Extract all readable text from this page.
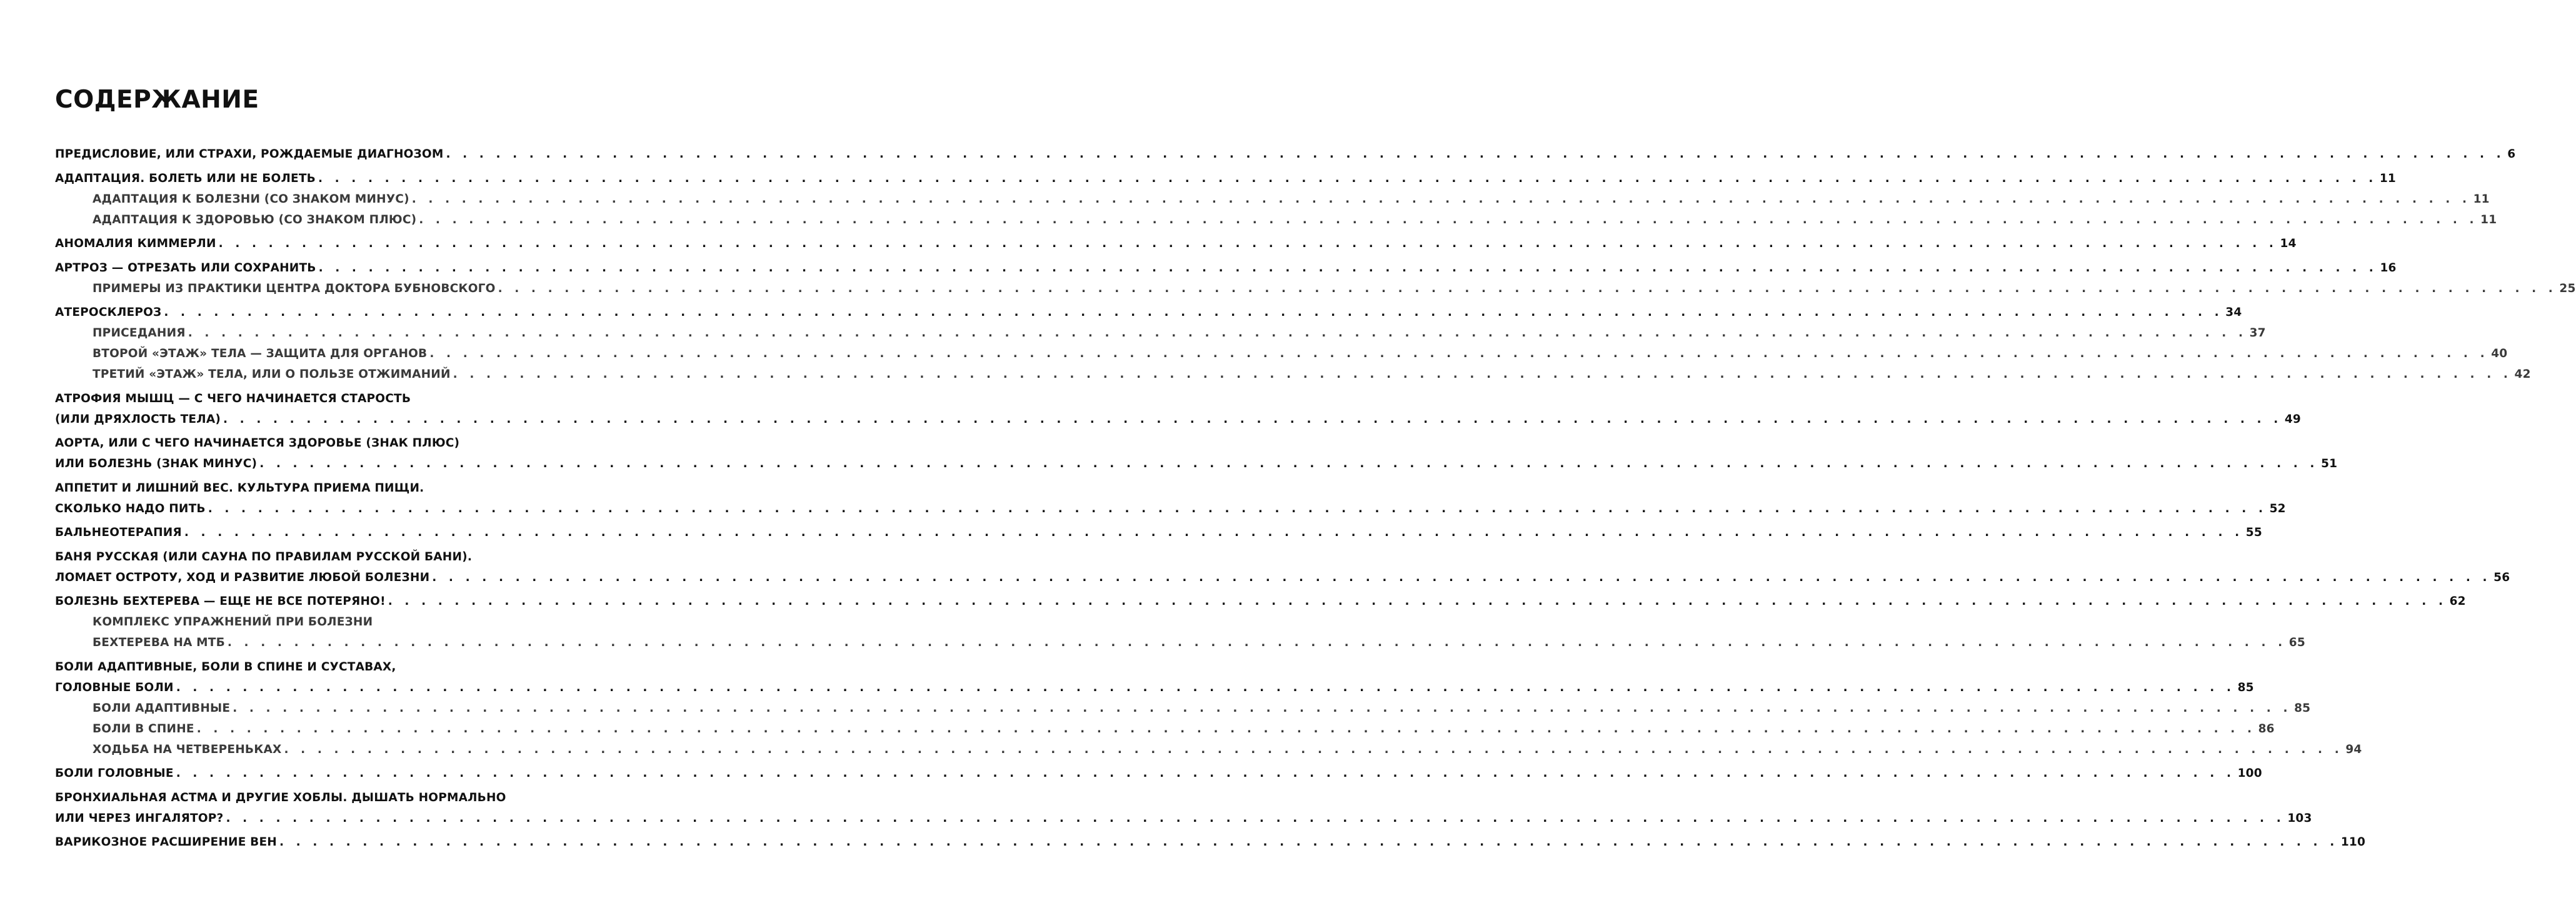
СОДЕРЖАНИЕ
ПРЕДИСЛОВИЕ, ИЛИ СТРАХИ, РОЖДАЕМЫЕ ДИАГНОЗОМ . . . . . . . . . . . . . . . . . . . . . . . . . . . . . . . . . . . . . . . . . . . . . . . . . . . . . . . . . . . . . . . . . . . . . . . . . . . . . . . . . . . . . . . . . . . . . . . . . . . . . . . . . . . . . . . . . . . . . . . . . . . . 6
АДАПТАЦИЯ. БОЛЕТЬ ИЛИ НЕ БОЛЕТЬ . . . . . . . . . . . . . . . . . . . . . . . . . . . . . . . . . . . . . . . . . . . . . . . . . . . . . . . . . . . . . . . . . . . . . . . . . . . . . . . . . . . . . . . . . . . . . . . . . . . . . . . . . . . . . . . . . . . . . . . . . . . . 11
АДАПТАЦИЯ К БОЛЕЗНИ (СО ЗНАКОМ МИНУС) . . . . . . . . . . . . . . . . . . . . . . . . . . . . . . . . . . . . . . . . . . . . . . . . . . . . . . . . . . . . . . . . . . . . . . . . . . . . . . . . . . . . . . . . . . . . . . . . . . . . . . . . . . . . . . . . . . . . . . . . . . . . 11
АДАПТАЦИЯ К ЗДОРОВЬЮ (СО ЗНАКОМ ПЛЮС) . . . . . . . . . . . . . . . . . . . . . . . . . . . . . . . . . . . . . . . . . . . . . . . . . . . . . . . . . . . . . . . . . . . . . . . . . . . . . . . . . . . . . . . . . . . . . . . . . . . . . . . . . . . . . . . . . . . . . . . . . . . . 11
АНОМАЛИЯ КИММЕРЛИ . . . . . . . . . . . . . . . . . . . . . . . . . . . . . . . . . . . . . . . . . . . . . . . . . . . . . . . . . . . . . . . . . . . . . . . . . . . . . . . . . . . . . . . . . . . . . . . . . . . . . . . . . . . . . . . . . . . . . . . . . . . . 14
АРТРОЗ — ОТРЕЗАТЬ ИЛИ СОХРАНИТЬ . . . . . . . . . . . . . . . . . . . . . . . . . . . . . . . . . . . . . . . . . . . . . . . . . . . . . . . . . . . . . . . . . . . . . . . . . . . . . . . . . . . . . . . . . . . . . . . . . . . . . . . . . . . . . . . . . . . . . . . . . . . . 16
ПРИМЕРЫ ИЗ ПРАКТИКИ ЦЕНТРА ДОКТОРА БУБНОВСКОГО . . . . . . . . . . . . . . . . . . . . . . . . . . . . . . . . . . . . . . . . . . . . . . . . . . . . . . . . . . . . . . . . . . . . . . . . . . . . . . . . . . . . . . . . . . . . . . . . . . . . . . . . . . . . . . . . . . . . . . . . . . . . 25
АТЕРОСКЛЕРОЗ . . . . . . . . . . . . . . . . . . . . . . . . . . . . . . . . . . . . . . . . . . . . . . . . . . . . . . . . . . . . . . . . . . . . . . . . . . . . . . . . . . . . . . . . . . . . . . . . . . . . . . . . . . . . . . . . . . . . . . . . . . . . 34
ПРИСЕДАНИЯ . . . . . . . . . . . . . . . . . . . . . . . . . . . . . . . . . . . . . . . . . . . . . . . . . . . . . . . . . . . . . . . . . . . . . . . . . . . . . . . . . . . . . . . . . . . . . . . . . . . . . . . . . . . . . . . . . . . . . . . . . . . . 37
ВТОРОЙ «ЭТАЖ» ТЕЛА — ЗАЩИТА ДЛЯ ОРГАНОВ . . . . . . . . . . . . . . . . . . . . . . . . . . . . . . . . . . . . . . . . . . . . . . . . . . . . . . . . . . . . . . . . . . . . . . . . . . . . . . . . . . . . . . . . . . . . . . . . . . . . . . . . . . . . . . . . . . . . . . . . . . . . 40
ТРЕТИЙ «ЭТАЖ» ТЕЛА, ИЛИ О ПОЛЬЗЕ ОТЖИМАНИЙ . . . . . . . . . . . . . . . . . . . . . . . . . . . . . . . . . . . . . . . . . . . . . . . . . . . . . . . . . . . . . . . . . . . . . . . . . . . . . . . . . . . . . . . . . . . . . . . . . . . . . . . . . . . . . . . . . . . . . . . . . . . . 42
АТРОФИЯ МЫШЦ — С ЧЕГО НАЧИНАЕТСЯ СТАРОСТЬ
(ИЛИ ДРЯХЛОСТЬ ТЕЛА) . . . . . . . . . . . . . . . . . . . . . . . . . . . . . . . . . . . . . . . . . . . . . . . . . . . . . . . . . . . . . . . . . . . . . . . . . . . . . . . . . . . . . . . . . . . . . . . . . . . . . . . . . . . . . . . . . . . . . . . . . . . . 49
АОРТА, ИЛИ С ЧЕГО НАЧИНАЕТСЯ ЗДОРОВЬЕ (ЗНАК ПЛЮС)
ИЛИ БОЛЕЗНЬ (ЗНАК МИНУС) . . . . . . . . . . . . . . . . . . . . . . . . . . . . . . . . . . . . . . . . . . . . . . . . . . . . . . . . . . . . . . . . . . . . . . . . . . . . . . . . . . . . . . . . . . . . . . . . . . . . . . . . . . . . . . . . . . . . . . . . . . . . 51
АППЕТИТ И ЛИШНИЙ ВЕС. КУЛЬТУРА ПРИЕМА ПИЩИ.
СКОЛЬКО НАДО ПИТЬ . . . . . . . . . . . . . . . . . . . . . . . . . . . . . . . . . . . . . . . . . . . . . . . . . . . . . . . . . . . . . . . . . . . . . . . . . . . . . . . . . . . . . . . . . . . . . . . . . . . . . . . . . . . . . . . . . . . . . . . . . . . . 52
БАЛЬНЕОТЕРАПИЯ . . . . . . . . . . . . . . . . . . . . . . . . . . . . . . . . . . . . . . . . . . . . . . . . . . . . . . . . . . . . . . . . . . . . . . . . . . . . . . . . . . . . . . . . . . . . . . . . . . . . . . . . . . . . . . . . . . . . . . . . . . . . 55
БАНЯ РУССКАЯ (ИЛИ САУНА ПО ПРАВИЛАМ РУССКОЙ БАНИ).
ЛОМАЕТ ОСТРОТУ, ХОД И РАЗВИТИЕ ЛЮБОЙ БОЛЕЗНИ . . . . . . . . . . . . . . . . . . . . . . . . . . . . . . . . . . . . . . . . . . . . . . . . . . . . . . . . . . . . . . . . . . . . . . . . . . . . . . . . . . . . . . . . . . . . . . . . . . . . . . . . . . . . . . . . . . . . . . . . . . . . 56
БОЛЕЗНЬ БЕХТЕРЕВА — ЕЩЕ НЕ ВСЕ ПОТЕРЯНО! . . . . . . . . . . . . . . . . . . . . . . . . . . . . . . . . . . . . . . . . . . . . . . . . . . . . . . . . . . . . . . . . . . . . . . . . . . . . . . . . . . . . . . . . . . . . . . . . . . . . . . . . . . . . . . . . . . . . . . . . . . . . 62
КОМПЛЕКС УПРАЖНЕНИЙ ПРИ БОЛЕЗНИ
БЕХТЕРЕВА НА МТБ . . . . . . . . . . . . . . . . . . . . . . . . . . . . . . . . . . . . . . . . . . . . . . . . . . . . . . . . . . . . . . . . . . . . . . . . . . . . . . . . . . . . . . . . . . . . . . . . . . . . . . . . . . . . . . . . . . . . . . . . . . . . 65
БОЛИ АДАПТИВНЫЕ, БОЛИ В СПИНЕ И СУСТАВАХ,
ГОЛОВНЫЕ БОЛИ . . . . . . . . . . . . . . . . . . . . . . . . . . . . . . . . . . . . . . . . . . . . . . . . . . . . . . . . . . . . . . . . . . . . . . . . . . . . . . . . . . . . . . . . . . . . . . . . . . . . . . . . . . . . . . . . . . . . . . . . . . . . 85
БОЛИ АДАПТИВНЫЕ . . . . . . . . . . . . . . . . . . . . . . . . . . . . . . . . . . . . . . . . . . . . . . . . . . . . . . . . . . . . . . . . . . . . . . . . . . . . . . . . . . . . . . . . . . . . . . . . . . . . . . . . . . . . . . . . . . . . . . . . . . . . 85
БОЛИ В СПИНЕ . . . . . . . . . . . . . . . . . . . . . . . . . . . . . . . . . . . . . . . . . . . . . . . . . . . . . . . . . . . . . . . . . . . . . . . . . . . . . . . . . . . . . . . . . . . . . . . . . . . . . . . . . . . . . . . . . . . . . . . . . . . . 86
ХОДЬБА НА ЧЕТВЕРЕНЬКАХ . . . . . . . . . . . . . . . . . . . . . . . . . . . . . . . . . . . . . . . . . . . . . . . . . . . . . . . . . . . . . . . . . . . . . . . . . . . . . . . . . . . . . . . . . . . . . . . . . . . . . . . . . . . . . . . . . . . . . . . . . . . . 94
БОЛИ ГОЛОВНЫЕ . . . . . . . . . . . . . . . . . . . . . . . . . . . . . . . . . . . . . . . . . . . . . . . . . . . . . . . . . . . . . . . . . . . . . . . . . . . . . . . . . . . . . . . . . . . . . . . . . . . . . . . . . . . . . . . . . . . . . . . . . . . . 100
БРОНХИАЛЬНАЯ АСТМА И ДРУГИЕ ХОБЛЫ. ДЫШАТЬ НОРМАЛЬНО
ИЛИ ЧЕРЕЗ ИНГАЛЯТОР? . . . . . . . . . . . . . . . . . . . . . . . . . . . . . . . . . . . . . . . . . . . . . . . . . . . . . . . . . . . . . . . . . . . . . . . . . . . . . . . . . . . . . . . . . . . . . . . . . . . . . . . . . . . . . . . . . . . . . . . . . . . . 103
ВАРИКОЗНОЕ РАСШИРЕНИЕ ВЕН . . . . . . . . . . . . . . . . . . . . . . . . . . . . . . . . . . . . . . . . . . . . . . . . . . . . . . . . . . . . . . . . . . . . . . . . . . . . . . . . . . . . . . . . . . . . . . . . . . . . . . . . . . . . . . . . . . . . . . . . . . . . 110
